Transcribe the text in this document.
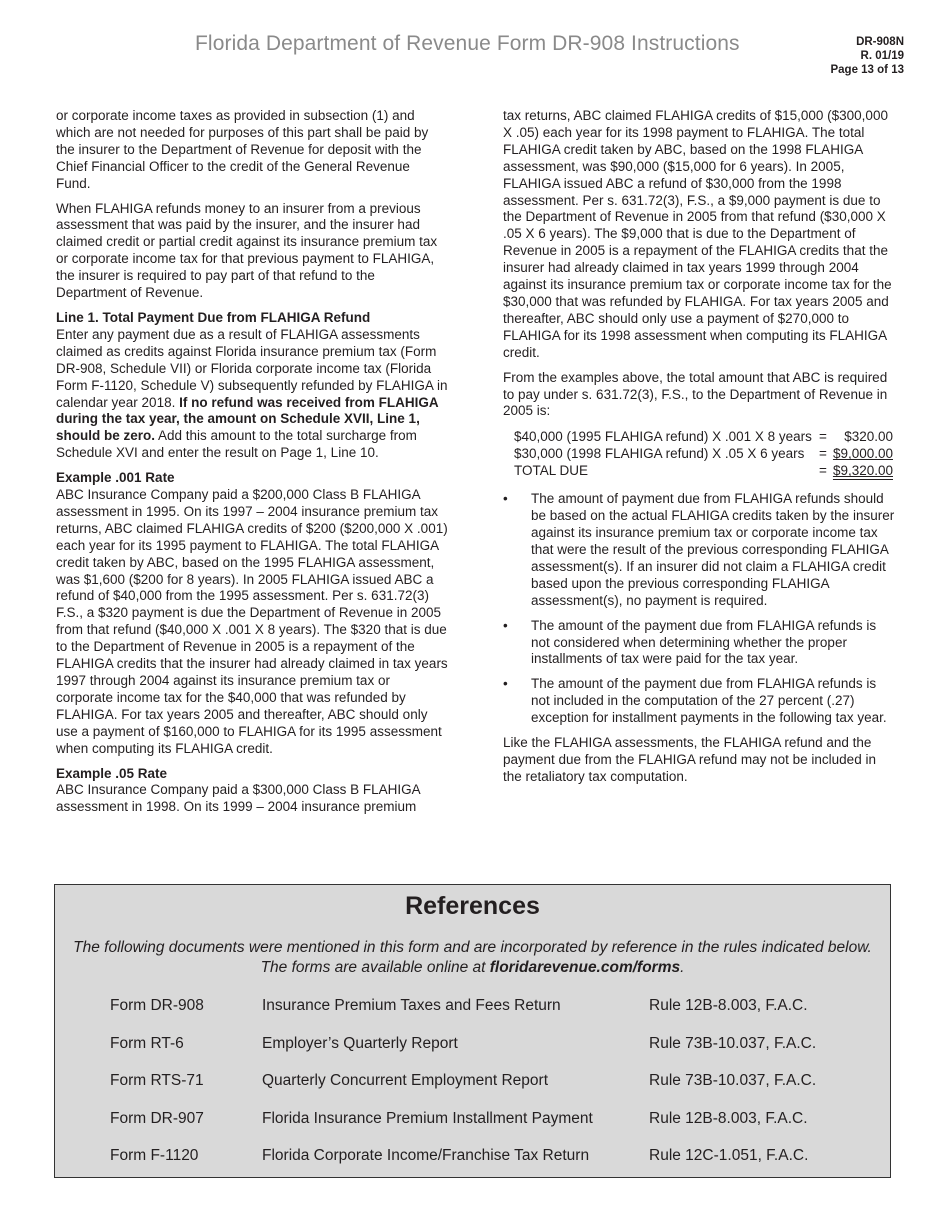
Florida Department of Revenue Form DR-908 Instructions	DR-908N
R. 01/19
Page 13 of 13

or corporate income taxes as provided in subsection (1) and which are not needed for purposes of this part shall be paid by the insurer to the Department of Revenue for deposit with the Chief Financial Officer to the credit of the General Revenue Fund.

When FLAHIGA refunds money to an insurer from a previous assessment that was paid by the insurer, and the insurer had claimed credit or partial credit against its insurance premium tax or corporate income tax for that previous payment to FLAHIGA, the insurer is required to pay part of that refund to the Department of Revenue.

Line 1. Total Payment Due from FLAHIGA Refund

Enter any payment due as a result of FLAHIGA assessments claimed as credits against Florida insurance premium tax (Form DR-908, Schedule VII) or Florida corporate income tax (Florida Form F-1120, Schedule V) subsequently refunded by FLAHIGA in calendar year 2018. If no refund was received from FLAHIGA during the tax year, the amount on Schedule XVII, Line 1, should be zero. Add this amount to the total surcharge from Schedule XVI and enter the result on Page 1, Line 10.

Example .001 Rate

ABC Insurance Company paid a $200,000 Class B FLAHIGA assessment in 1995. On its 1997 – 2004 insurance premium tax returns, ABC claimed FLAHIGA credits of $200 ($200,000 X .001) each year for its 1995 payment to FLAHIGA. The total FLAHIGA credit taken by ABC, based on the 1995 FLAHIGA assessment, was $1,600 ($200 for 8 years). In 2005 FLAHIGA issued ABC a refund of $40,000 from the 1995 assessment. Per s. 631.72(3) F.S., a $320 payment is due the Department of Revenue in 2005 from that refund ($40,000 X .001 X 8 years). The $320 that is due to the Department of Revenue in 2005 is a repayment of the FLAHIGA credits that the insurer had already claimed in tax years 1997 through 2004 against its insurance premium tax or corporate income tax for the $40,000 that was refunded by FLAHIGA. For tax years 2005 and thereafter, ABC should only use a payment of $160,000 to FLAHIGA for its 1995 assessment when computing its FLAHIGA credit.

Example .05 Rate

ABC Insurance Company paid a $300,000 Class B FLAHIGA assessment in 1998. On its 1999 – 2004 insurance premium

tax returns, ABC claimed FLAHIGA credits of $15,000 ($300,000 X .05) each year for its 1998 payment to FLAHIGA. The total FLAHIGA credit taken by ABC, based on the 1998 FLAHIGA assessment, was $90,000 ($15,000 for 6 years). In 2005, FLAHIGA issued ABC a refund of $30,000 from the 1998 assessment. Per s. 631.72(3), F.S., a $9,000 payment is due to the Department of Revenue in 2005 from that refund ($30,000 X .05 X 6 years). The $9,000 that is due to the Department of Revenue in 2005 is a repayment of the FLAHIGA credits that the insurer had already claimed in tax years 1999 through 2004 against its insurance premium tax or corporate income tax for the $30,000 that was refunded by FLAHIGA. For tax years 2005 and thereafter, ABC should only use a payment of $270,000 to FLAHIGA for its 1998 assessment when computing its FLAHIGA credit.

From the examples above, the total amount that ABC is required to pay under s. 631.72(3), F.S., to the Department of Revenue in 2005 is:

$40,000 (1995 FLAHIGA refund) X .001 X 8 years =	$320.00
$30,000 (1998 FLAHIGA refund) X .05 X 6 years	= $9,000.00
TOTAL DUE	= $9,320.00
•	The amount of payment due from FLAHIGA refunds should be based on the actual FLAHIGA credits taken by the insurer against its insurance premium tax or corporate income tax that were the result of the previous corresponding FLAHIGA assessment(s). If an insurer did not claim a FLAHIGA credit based upon the previous corresponding FLAHIGA assessment(s), no payment is required.
•	The amount of the payment due from FLAHIGA refunds is not considered when determining whether the proper installments of tax were paid for the tax year.
•	The amount of the payment due from FLAHIGA refunds is not included in the computation of the 27 percent (.27) exception for installment payments in the following tax year.

Like the FLAHIGA assessments, the FLAHIGA refund and the payment due from the FLAHIGA refund may not be included in the retaliatory tax computation.

References
The following documents were mentioned in this form and are incorporated by reference in the rules indicated below.
The forms are available online at floridarevenue.com/forms.
Form DR-908	Insurance Premium Taxes and Fees Return	Rule 12B-8.003, F.A.C.
Form RT-6	Employer’s Quarterly Report	Rule 73B-10.037, F.A.C.
Form RTS-71	Quarterly Concurrent Employment Report	Rule 73B-10.037, F.A.C.
Form DR-907	Florida Insurance Premium Installment Payment	Rule 12B-8.003, F.A.C.
Form F-1120	Florida Corporate Income/Franchise Tax Return	Rule 12C-1.051, F.A.C.
